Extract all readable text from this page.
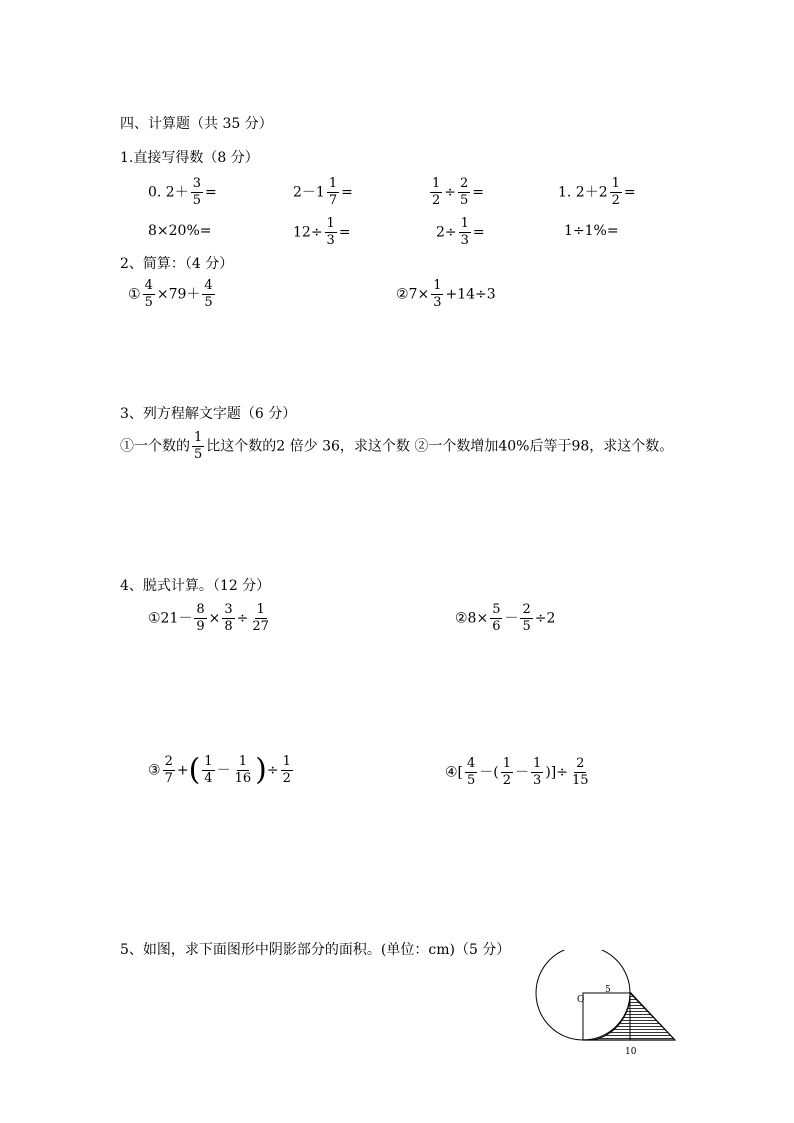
四、计算题（共 35 分）
1.直接写得数（8 分）
0. $2+ \frac{3}{5}$ =	$2-1 \frac{1}{7}$ =	$\frac{1}{2} \div \frac{2}{5}$ =	1. $2+2 \frac{1}{2}$ =
8×20%=	$12\div \frac{1}{3}$ =	$2\div \frac{1}{3}$ =	1÷1%=
2、简算：（4 分）
① $\frac{4}{5} \times 79+ \frac{4}{5}$	②7× $\frac{1}{3} +14\div 3$
3、列方程解文字题（6 分）
①一个数的 $\frac{1}{5}$ 比这个数的2 倍少 36，求这个数 ②一个数增加40%后等于98，求这个数。
4、脱式计算。（12 分）
①21－ $\frac{8}{9} \times \frac{3}{8} \div \frac{1}{27}$	②8× $\frac{5}{6} - \frac{2}{5} \div 2$
③ $\frac{2}{7}$ +( $\frac{1}{4} - \frac{1}{16}$ )÷ $\frac{1}{2}$	④[ $\frac{4}{5}$ －( $\frac{1}{2} - \frac{1}{3}$ )]÷ $\frac{2}{15}$
5、如图，求下面图形中阴影部分的面积。(单位：cm)（5 分）
O
5
10
